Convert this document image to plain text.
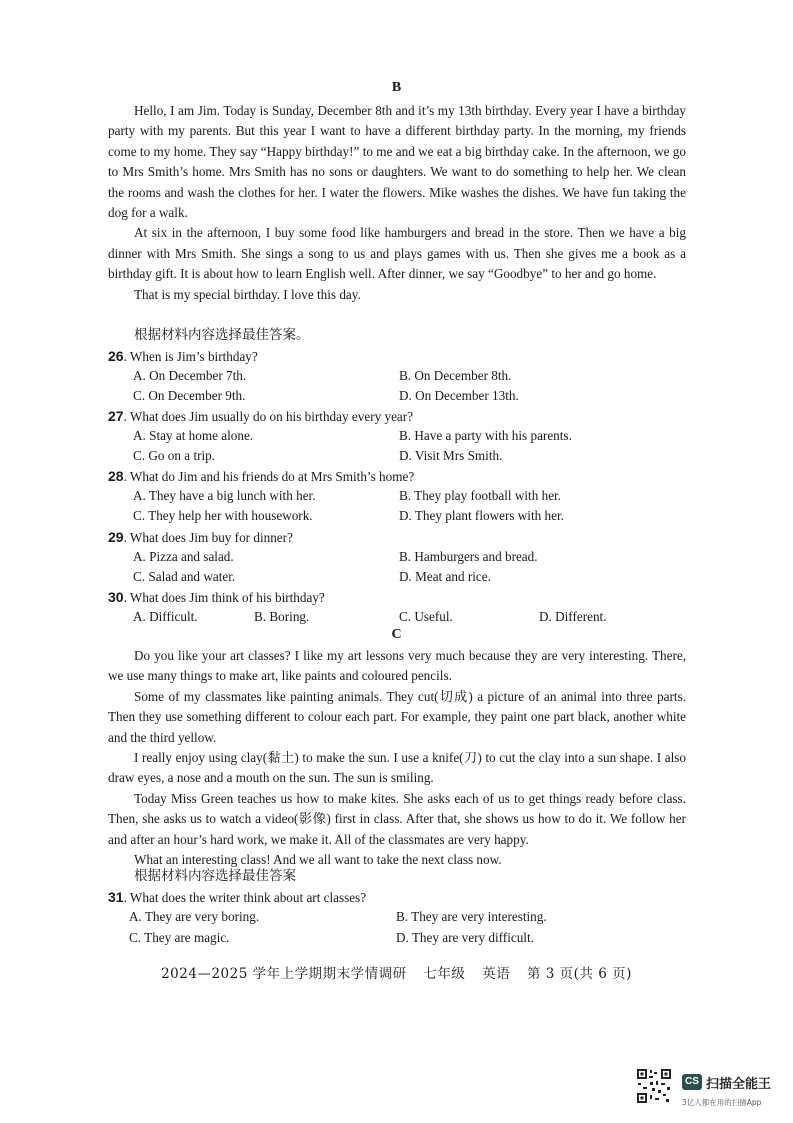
B

Hello, I am Jim. Today is Sunday, December 8th and it’s my 13th birthday. Every year I have a birthday party with my parents. But this year I want to have a different birthday party. In the morning, my friends come to my home. They say “Happy birthday!” to me and we eat a big birthday cake. In the afternoon, we go to Mrs Smith’s home. Mrs Smith has no sons or daughters. We want to do something to help her. We clean the rooms and wash the clothes for her. I water the flowers. Mike washes the dishes. We have fun taking the dog for a walk.

At six in the afternoon, I buy some food like hamburgers and bread in the store. Then we have a big dinner with Mrs Smith. She sings a song to us and plays games with us. Then she gives me a book as a birthday gift. It is about how to learn English well. After dinner, we say “Goodbye” to her and go home.

That is my special birthday. I love this day.

根据材料内容选择最佳答案。
26. When is Jim’s birthday?
A. On December 7th.	B. On December 8th.
C. On December 9th.	D. On December 13th.
27. What does Jim usually do on his birthday every year?
A. Stay at home alone.	B. Have a party with his parents.
C. Go on a trip.	D. Visit Mrs Smith.
28. What do Jim and his friends do at Mrs Smith’s home?
A. They have a big lunch with her.	B. They play football with her.
C. They help her with housework.	D. They plant flowers with her.
29. What does Jim buy for dinner?
A. Pizza and salad.	B. Hamburgers and bread.
C. Salad and water.	D. Meat and rice.
30. What does Jim think of his birthday?
A. Difficult.	B. Boring.	C. Useful.	D. Different.
C

Do you like your art classes? I like my art lessons very much because they are very interesting. There, we use many things to make art, like paints and coloured pencils.

Some of my classmates like painting animals. They cut(切成) a picture of an animal into three parts. Then they use something different to colour each part. For example, they paint one part black, another white and the third yellow.

I really enjoy using clay(黏土) to make the sun. I use a knife(刀) to cut the clay into a sun shape. I also draw eyes, a nose and a mouth on the sun. The sun is smiling.

Today Miss Green teaches us how to make kites. She asks each of us to get things ready before class. Then, she asks us to watch a video(影像) first in class. After that, she shows us how to do it. We follow her and after an hour’s hard work, we make it. All of the classmates are very happy.

What an interesting class! And we all want to take the next class now.

根据材料内容选择最佳答案
31. What does the writer think about art classes?
A. They are very boring.	B. They are very interesting.
C. They are magic.	D. They are very difficult.
2024—2025 学年上学期期末学情调研 七年级 英语 第 3 页(共 6 页)
CS 扫描全能王
3亿人都在用的扫描App
